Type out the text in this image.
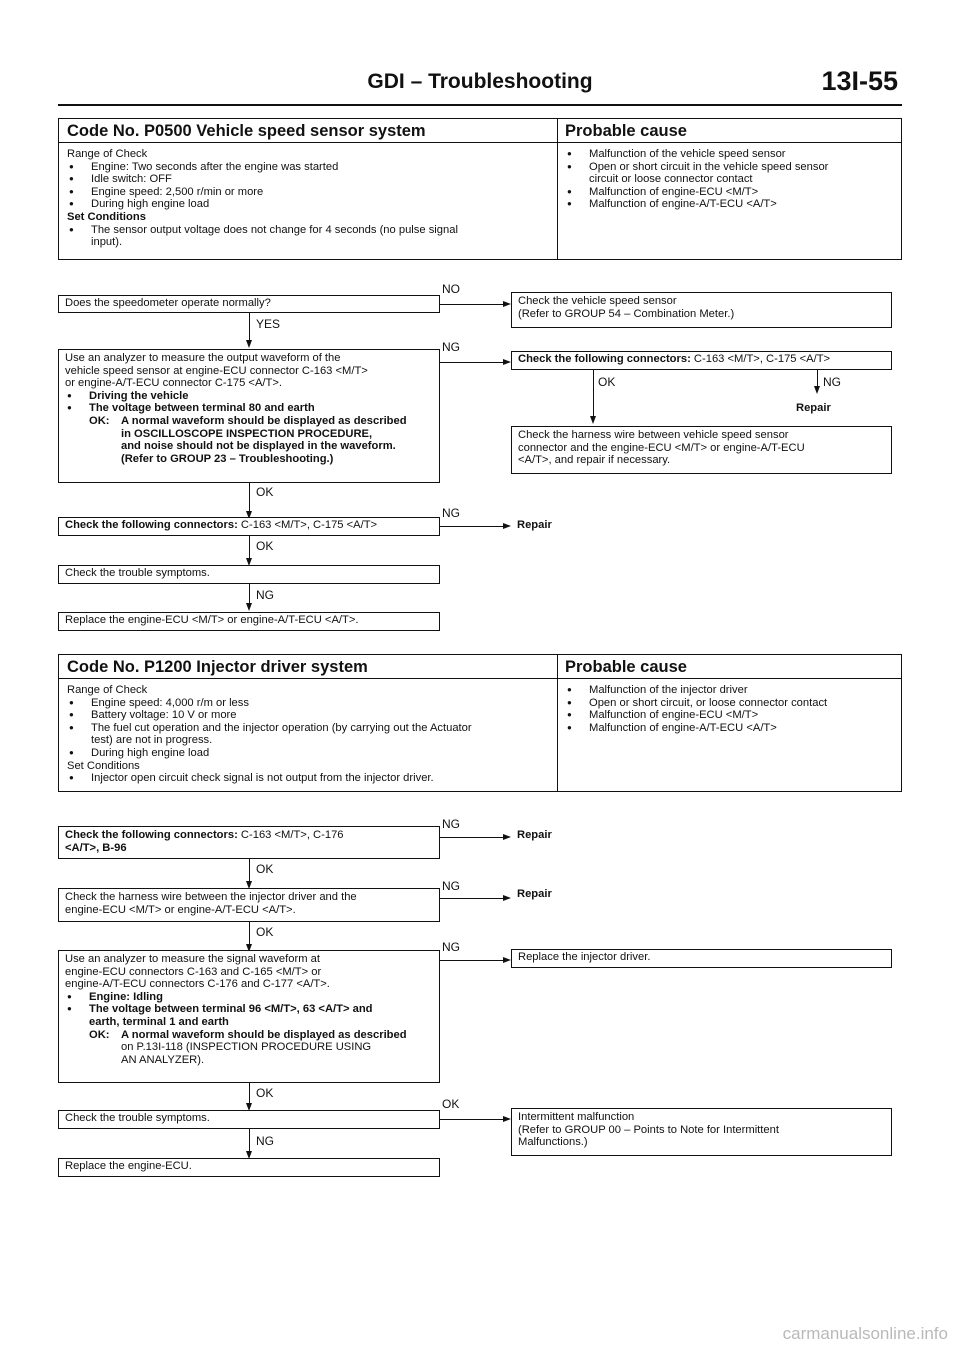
GDI – Troubleshooting	13I-55
Code No. P0500 Vehicle speed sensor system	Probable cause
Range of Check
● Engine: Two seconds after the engine was started
● Idle switch: OFF
● Engine speed: 2,500 r/min or more
● During high engine load
Set Conditions
● The sensor output voltage does not change for 4 seconds (no pulse signal
input).
● Malfunction of the vehicle speed sensor
● Open or short circuit in the vehicle speed sensor
circuit or loose connector contact
● Malfunction of engine-ECU <M/T>
● Malfunction of engine-A/T-ECU <A/T>
Does the speedometer operate normally?
NO
Check the vehicle speed sensor
(Refer to GROUP 54 – Combination Meter.)
YES
Use an analyzer to measure the output waveform of the
vehicle speed sensor at engine-ECU connector C-163 <M/T>
or engine-A/T-ECU connector C-175 <A/T>.
● Driving the vehicle
● The voltage between terminal 80 and earth
OK:	A normal waveform should be displayed as described
in OSCILLOSCOPE INSPECTION PROCEDURE,
and noise should not be displayed in the waveform.
(Refer to GROUP 23 – Troubleshooting.)
NG
Check the following connectors: C-163 <M/T>, C-175 <A/T>
OK	NG
Repair
Check the harness wire between vehicle speed sensor
connector and the engine-ECU <M/T> or engine-A/T-ECU
<A/T>, and repair if necessary.
OK
Check the following connectors: C-163 <M/T>, C-175 <A/T>
NG
Repair
OK
Check the trouble symptoms.
NG
Replace the engine-ECU <M/T> or engine-A/T-ECU <A/T>.
Code No. P1200 Injector driver system	Probable cause
Range of Check
● Engine speed: 4,000 r/m or less
● Battery voltage: 10 V or more
● The fuel cut operation and the injector operation (by carrying out the Actuator
test) are not in progress.
● During high engine load
Set Conditions
● Injector open circuit check signal is not output from the injector driver.
● Malfunction of the injector driver
● Open or short circuit, or loose connector contact
● Malfunction of engine-ECU <M/T>
● Malfunction of engine-A/T-ECU <A/T>
Check the following connectors: C-163 <M/T>, C-176
<A/T>, B-96
NG
Repair
OK
Check the harness wire between the injector driver and the
engine-ECU <M/T> or engine-A/T-ECU <A/T>.
NG
Repair
OK
Use an analyzer to measure the signal waveform at
engine-ECU connectors C-163 and C-165 <M/T> or
engine-A/T-ECU connectors C-176 and C-177 <A/T>.
● Engine: Idling
● The voltage between terminal 96 <M/T>, 63 <A/T> and
earth, terminal 1 and earth
OK:	A normal waveform should be displayed as described
on P.13I-118 (INSPECTION PROCEDURE USING
AN ANALYZER).
NG
Replace the injector driver.
OK
Check the trouble symptoms.
OK
Intermittent malfunction
(Refer to GROUP 00 – Points to Note for Intermittent
Malfunctions.)
NG
Replace the engine-ECU.
carmanualsonline.info
